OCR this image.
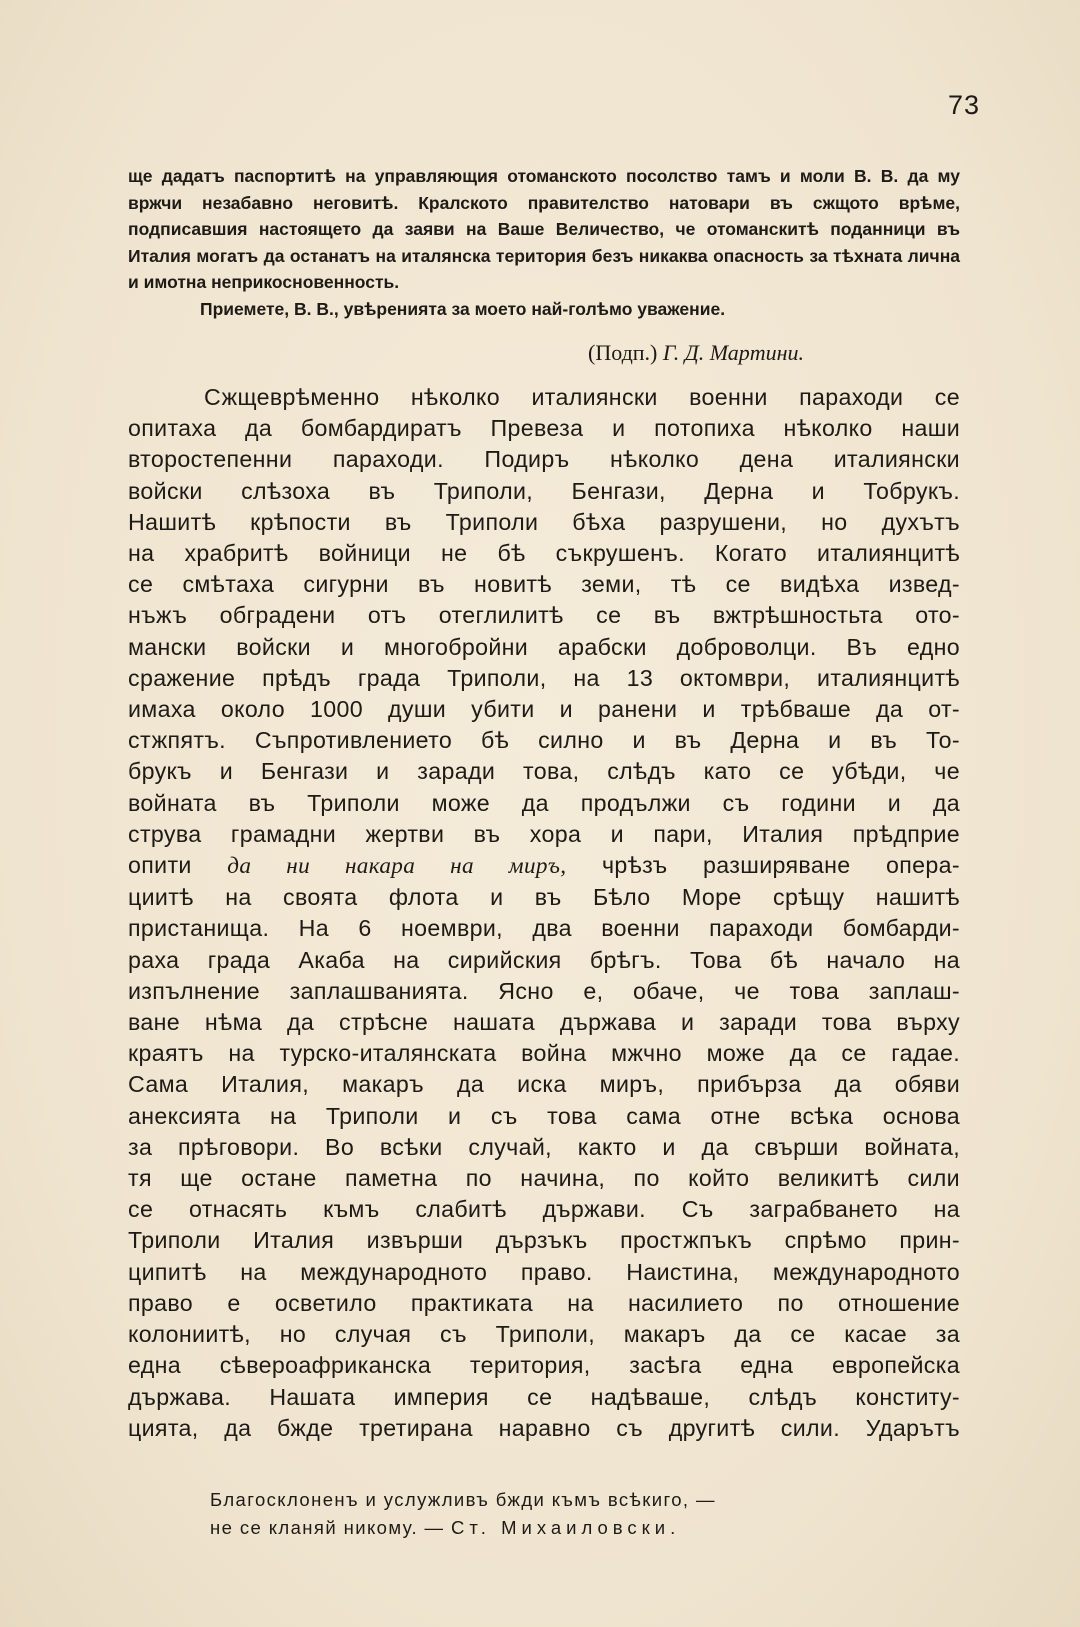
73

ще дадатъ паспортитѣ на управляющия отоманското посолство тамъ и моли В. В. да му вржчи незабавно неговитѣ. Кралското правителство натовари въ сжщото врѣме, подписавшия настоящето да заяви на Ваше Величество, че отоманскитѣ поданници въ Италия могатъ да останатъ на италянска територия безъ никаква опасность за тѣхната лична и имотна неприкосновенность.

Приемете, В. В., увѣренията за моето най-голѣмо уважение.

(Подп.) Г. Д. Марmини.
Сжщеврѣменно нѣколко италиянски военни параходи се
опитаха да бомбардиратъ Превеза и потопиха нѣколко наши
второстепенни параходи. Подиръ нѣколко дена италиянски
войски слѣзоха въ Триполи, Бенгази, Дерна и Тобрукъ.
Нашитѣ крѣпости въ Триполи бѣха разрушени, но духътъ
на храбритѣ войници не бѣ съкрушенъ. Когато италиянцитѣ
се смѣтаха сигурни въ новитѣ земи, тѣ се видѣха извед-
нъжъ обградени отъ отеглилитѣ се въ вжтрѣшностьта ото-
мански войски и многобройни арабски доброволци. Въ едно
сражение прѣдъ града Триполи, на 13 октомври, италиянцитѣ
имаха около 1000 души убити и ранени и трѣбваше да от-
стжпятъ. Съпротивлението бѣ силно и въ Дерна и въ То-
брукъ и Бенгази и заради това, слѣдъ като се убѣди, че
войната въ Триполи може да продължи съ години и да
струва грамадни жертви въ хора и пари, Италия прѣдприе
опити да ни накара на миръ, чрѣзъ разширяване опера-
циитѣ на своята флота и въ Бѣло Море срѣщу нашитѣ
пристанища. На 6 ноември, два военни параходи бомбарди-
раха града Акаба на сирийския брѣгъ. Това бѣ начало на
изпълнение заплашванията. Ясно е, обаче, че това заплаш-
ване нѣма да стрѣсне нашата държава и заради това върху
краятъ на турско-италянската война мжчно може да се гадае.
Сама Италия, макаръ да иска миръ, прибързa да обяви
анексията на Триполи и съ това сама отне всѣка основа
за прѣговори. Во всѣки случай, както и да свърши войната,
тя ще остане паметна по начина, по който великитѣ сили
се отнасять къмъ слабитѣ държави. Съ заграбването на
Триполи Италия извърши дързъкъ простжпъкъ спрѣмо прин-
ципитѣ на международното право. Наистина, международното
право е осветило практиката на насилието по отношение
колониитѣ, но случая съ Триполи, макаръ да се касае за
една сѣвероафриканска територия, засѣга една европейска
държава. Нашата империя се надѣваше, слѣдъ конститу-
цията, да бжде третирана наравно съ другитѣ сили. Ударътъ
Благосклоненъ и услужливъ бжди къмъ всѣкиго, —
не се кланяй никому. — Ст. Михаиловски.
